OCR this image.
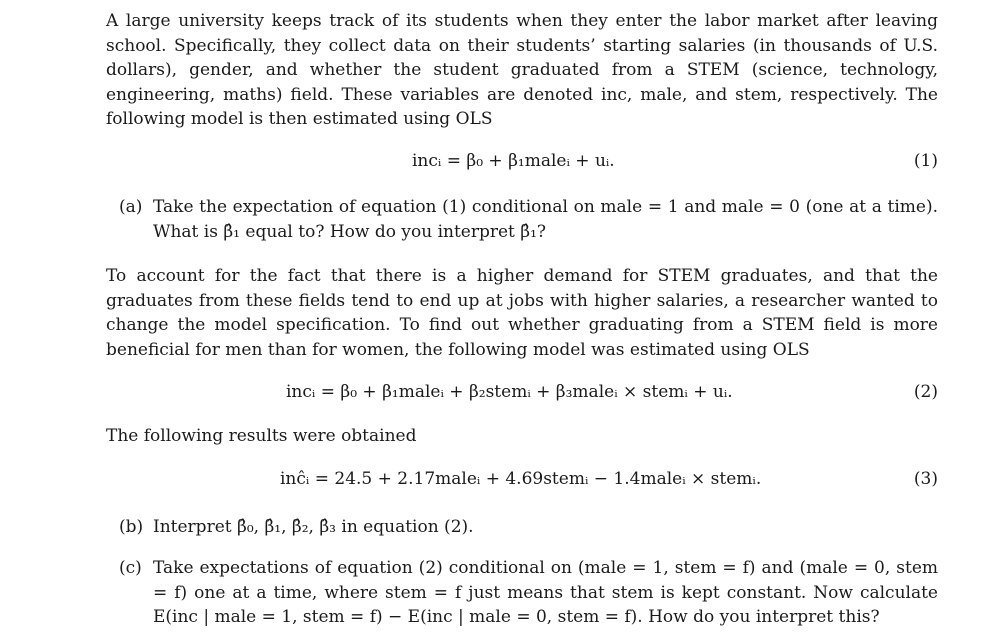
A large university keeps track of its students when they enter the labor market after leaving school. Specifically, they collect data on their students’ starting salaries (in thousands of U.S. dollars), gender, and whether the student graduated from a STEM (science, technology, engineering, maths) field. These variables are denoted inc, male, and stem, respectively. The following model is then estimated using OLS

incᵢ = β₀ + β₁maleᵢ + uᵢ.	(1)
(a) Take the expectation of equation (1) conditional on male = 1 and male = 0 (one at a time). What is β̂₁ equal to? How do you interpret β̂₁?

To account for the fact that there is a higher demand for STEM graduates, and that the graduates from these fields tend to end up at jobs with higher salaries, a researcher wanted to change the model specification. To find out whether graduating from a STEM field is more beneficial for men than for women, the following model was estimated using OLS

incᵢ = β₀ + β₁maleᵢ + β₂stemᵢ + β₃maleᵢ × stemᵢ + uᵢ.	(2)

The following results were obtained

inĉᵢ = 24.5 + 2.17maleᵢ + 4.69stemᵢ − 1.4maleᵢ × stemᵢ.	(3)
(b) Interpret β̂₀, β̂₁, β̂₂, β̂₃ in equation (2).
(c) Take expectations of equation (2) conditional on (male = 1, stem = f) and (male = 0, stem = f) one at a time, where stem = f just means that stem is kept constant. Now calculate E(inc | male = 1, stem = f) − E(inc | male = 0, stem = f). How do you interpret this?
